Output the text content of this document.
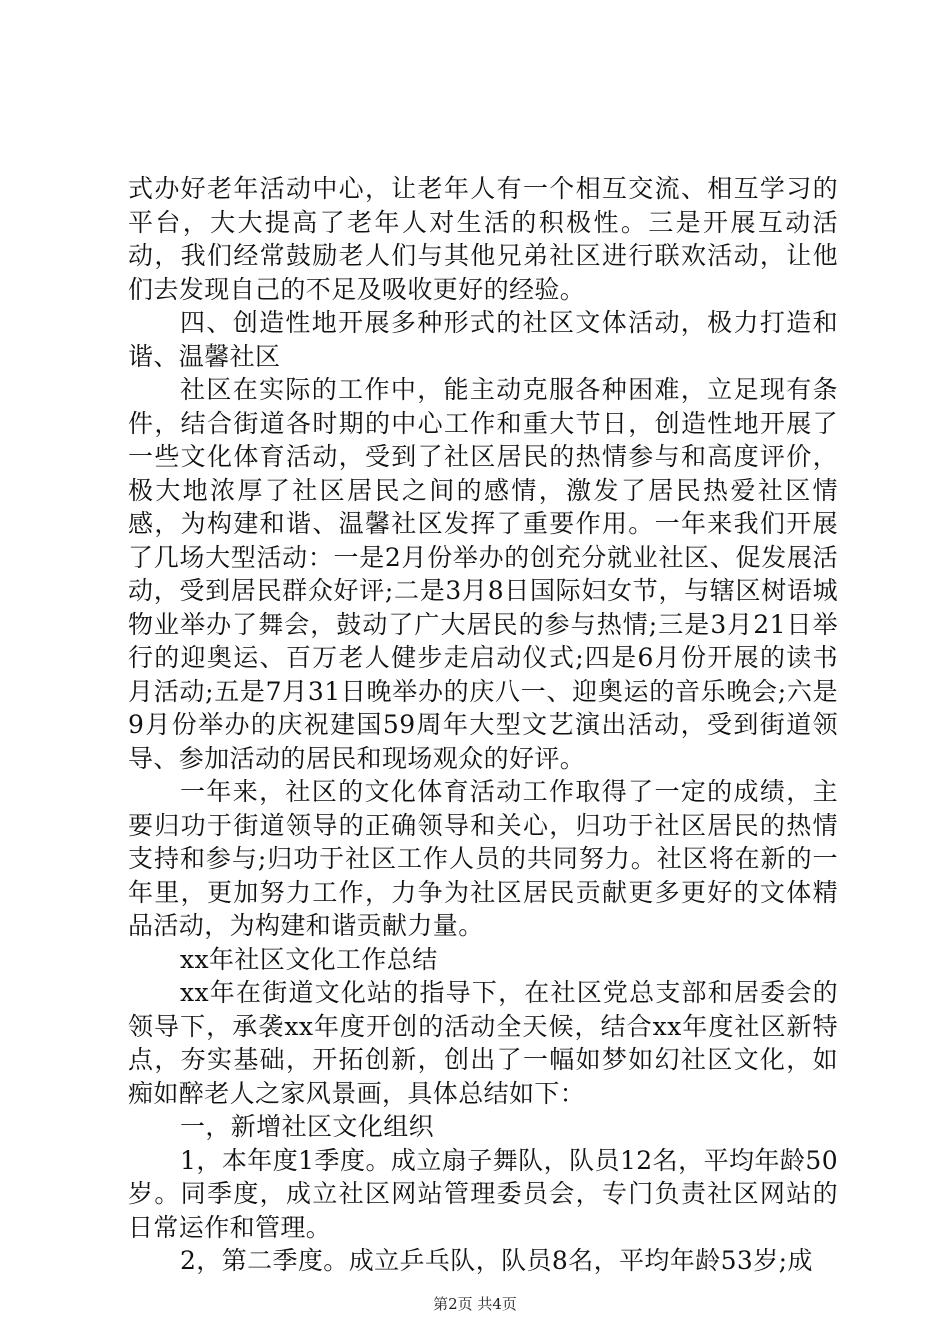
式办好老年活动中心，让老年人有一个相互交流、相互学习的平台，大大提高了老年人对生活的积极性。三是开展互动活动，我们经常鼓励老人们与其他兄弟社区进行联欢活动，让他们去发现自己的不足及吸收更好的经验。

四、创造性地开展多种形式的社区文体活动，极力打造和谐、温馨社区

社区在实际的工作中，能主动克服各种困难，立足现有条件，结合街道各时期的中心工作和重大节日，创造性地开展了一些文化体育活动，受到了社区居民的热情参与和高度评价，极大地浓厚了社区居民之间的感情，激发了居民热爱社区情感，为构建和谐、温馨社区发挥了重要作用。一年来我们开展了几场大型活动：一是2月份举办的创充分就业社区、促发展活动，受到居民群众好评;二是3月8日国际妇女节，与辖区树语城物业举办了舞会，鼓动了广大居民的参与热情;三是3月21日举行的迎奥运、百万老人健步走启动仪式;四是6月份开展的读书月活动;五是7月31日晚举办的庆八一、迎奥运的音乐晚会;六是9月份举办的庆祝建国59周年大型文艺演出活动，受到街道领导、参加活动的居民和现场观众的好评。

一年来，社区的文化体育活动工作取得了一定的成绩，主要归功于街道领导的正确领导和关心，归功于社区居民的热情支持和参与;归功于社区工作人员的共同努力。社区将在新的一年里，更加努力工作，力争为社区居民贡献更多更好的文体精品活动，为构建和谐贡献力量。

xx年社区文化工作总结

xx年在街道文化站的指导下，在社区党总支部和居委会的领导下，承袭xx年度开创的活动全天候，结合xx年度社区新特点，夯实基础，开拓创新，创出了一幅如梦如幻社区文化，如痴如醉老人之家风景画，具体总结如下：

一，新增社区文化组织

1，本年度1季度。成立扇子舞队，队员12名，平均年龄50岁。同季度，成立社区网站管理委员会，专门负责社区网站的日常运作和管理。

2，第二季度。成立乒乓队，队员8名，平均年龄53岁;成

第2页 共4页
